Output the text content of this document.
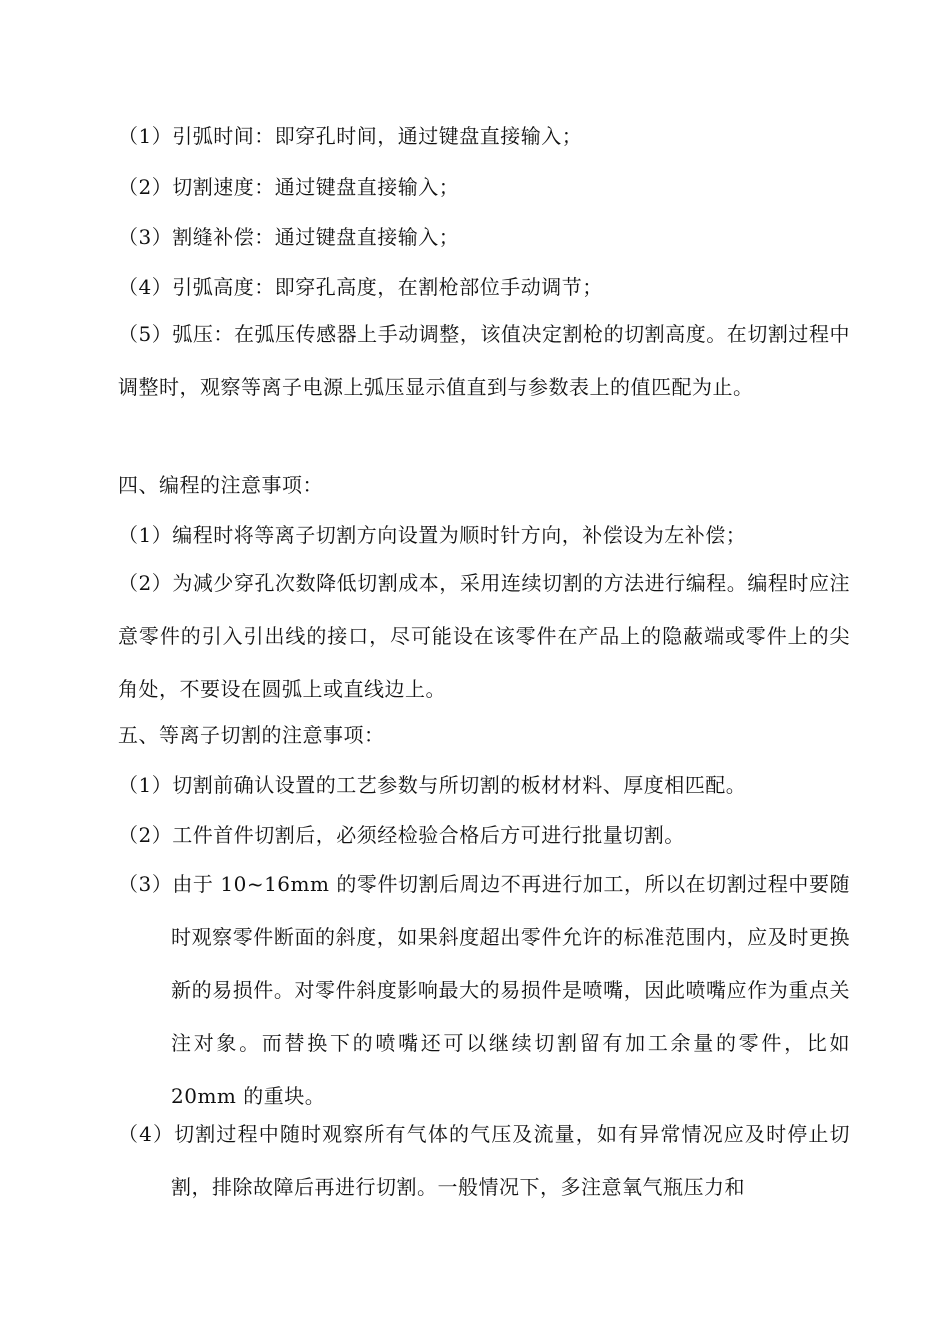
（1）引弧时间：即穿孔时间，通过键盘直接输入；
（2）切割速度：通过键盘直接输入；
（3）割缝补偿：通过键盘直接输入；
（4）引弧高度：即穿孔高度，在割枪部位手动调节；
（5）弧压：在弧压传感器上手动调整，该值决定割枪的切割高度。在切割过程中调整时，观察等离子电源上弧压显示值直到与参数表上的值匹配为止。
四、编程的注意事项：
（1）编程时将等离子切割方向设置为顺时针方向，补偿设为左补偿；
（2）为减少穿孔次数降低切割成本，采用连续切割的方法进行编程。编程时应注意零件的引入引出线的接口，尽可能设在该零件在产品上的隐蔽端或零件上的尖角处，不要设在圆弧上或直线边上。
五、等离子切割的注意事项：
（1）切割前确认设置的工艺参数与所切割的板材材料、厚度相匹配。
（2）工件首件切割后，必须经检验合格后方可进行批量切割。
（3）由于 10~16mm 的零件切割后周边不再进行加工，所以在切割过程中要随时观察零件断面的斜度，如果斜度超出零件允许的标准范围内，应及时更换新的易损件。对零件斜度影响最大的易损件是喷嘴，因此喷嘴应作为重点关注对象。而替换下的喷嘴还可以继续切割留有加工余量的零件，比如 20mm 的重块。
（4）切割过程中随时观察所有气体的气压及流量，如有异常情况应及时停止切割，排除故障后再进行切割。一般情况下，多注意氧气瓶压力和
